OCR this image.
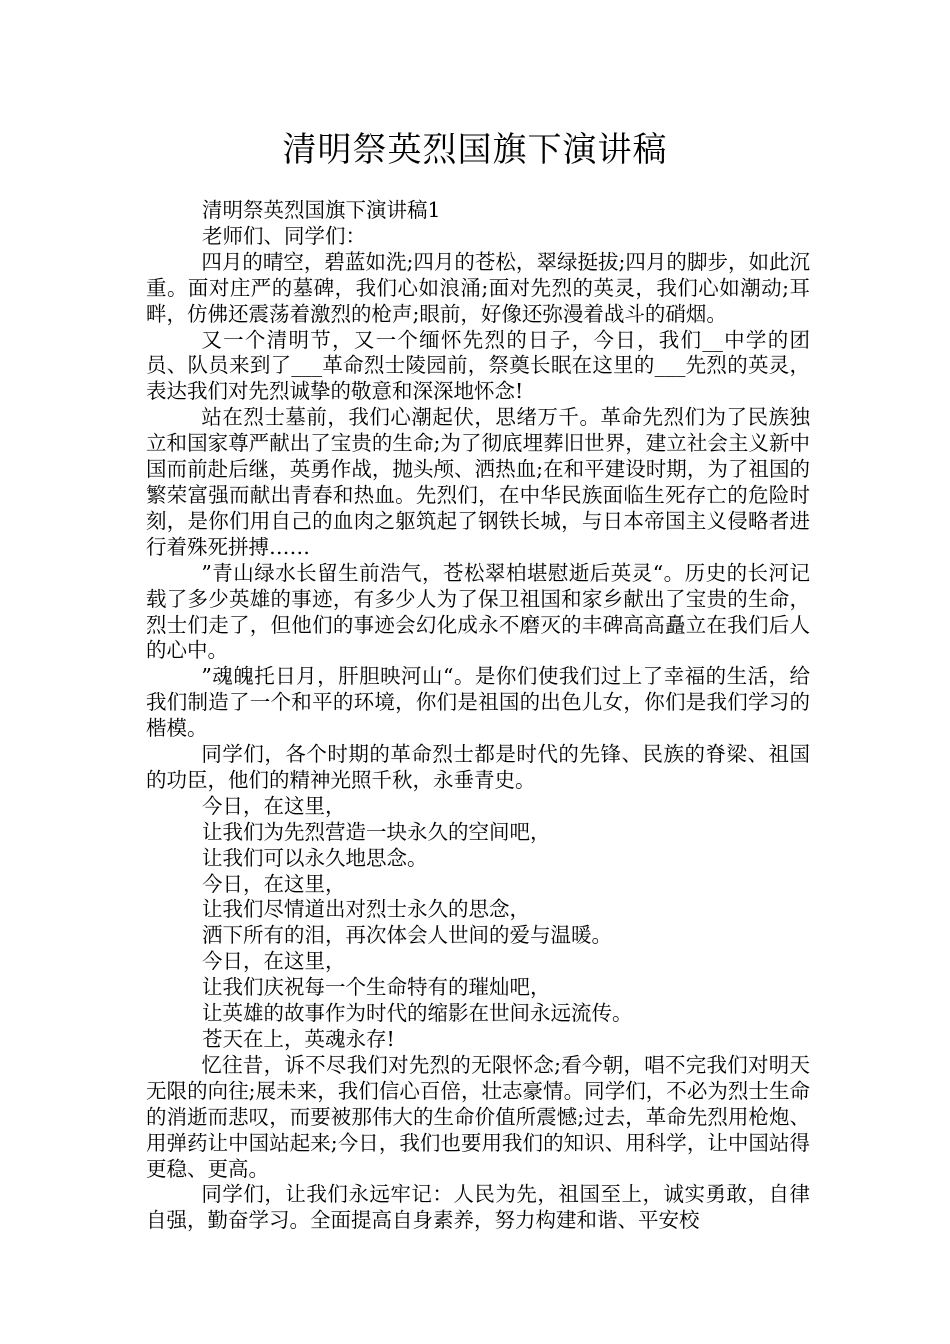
清明祭英烈国旗下演讲稿

清明祭英烈国旗下演讲稿1

老师们、同学们：

四月的晴空，碧蓝如洗;四月的苍松，翠绿挺拔;四月的脚步，如此沉重。面对庄严的墓碑，我们心如浪涌;面对先烈的英灵，我们心如潮动;耳畔，仿佛还震荡着激烈的枪声;眼前，好像还弥漫着战斗的硝烟。

又一个清明节，又一个缅怀先烈的日子，今日，我们__中学的团员、队员来到了___革命烈士陵园前，祭奠长眠在这里的___先烈的英灵，表达我们对先烈诚挚的敬意和深深地怀念!

站在烈士墓前，我们心潮起伏，思绪万千。革命先烈们为了民族独立和国家尊严献出了宝贵的生命;为了彻底埋葬旧世界，建立社会主义新中国而前赴后继，英勇作战，抛头颅、洒热血;在和平建设时期，为了祖国的繁荣富强而献出青春和热血。先烈们，在中华民族面临生死存亡的危险时刻，是你们用自己的血肉之躯筑起了钢铁长城，与日本帝国主义侵略者进行着殊死拼搏……

”青山绿水长留生前浩气，苍松翠柏堪慰逝后英灵“。历史的长河记载了多少英雄的事迹，有多少人为了保卫祖国和家乡献出了宝贵的生命，烈士们走了，但他们的事迹会幻化成永不磨灭的丰碑高高矗立在我们后人的心中。

”魂魄托日月，肝胆映河山“。是你们使我们过上了幸福的生活，给我们制造了一个和平的环境，你们是祖国的出色儿女，你们是我们学习的楷模。

同学们，各个时期的革命烈士都是时代的先锋、民族的脊梁、祖国的功臣，他们的精神光照千秋，永垂青史。

今日，在这里，

让我们为先烈营造一块永久的空间吧，

让我们可以永久地思念。

今日，在这里，

让我们尽情道出对烈士永久的思念，

洒下所有的泪，再次体会人世间的爱与温暖。

今日，在这里，

让我们庆祝每一个生命特有的璀灿吧，

让英雄的故事作为时代的缩影在世间永远流传。

苍天在上，英魂永存!

忆往昔，诉不尽我们对先烈的无限怀念;看今朝，唱不完我们对明天无限的向往;展未来，我们信心百倍，壮志豪情。同学们，不必为烈士生命的消逝而悲叹，而要被那伟大的生命价值所震憾;过去，革命先烈用枪炮、用弹药让中国站起来;今日，我们也要用我们的知识、用科学，让中国站得更稳、更高。

同学们，让我们永远牢记：人民为先，祖国至上，诚实勇敢，自律自强，勤奋学习。全面提高自身素养，努力构建和谐、平安校
